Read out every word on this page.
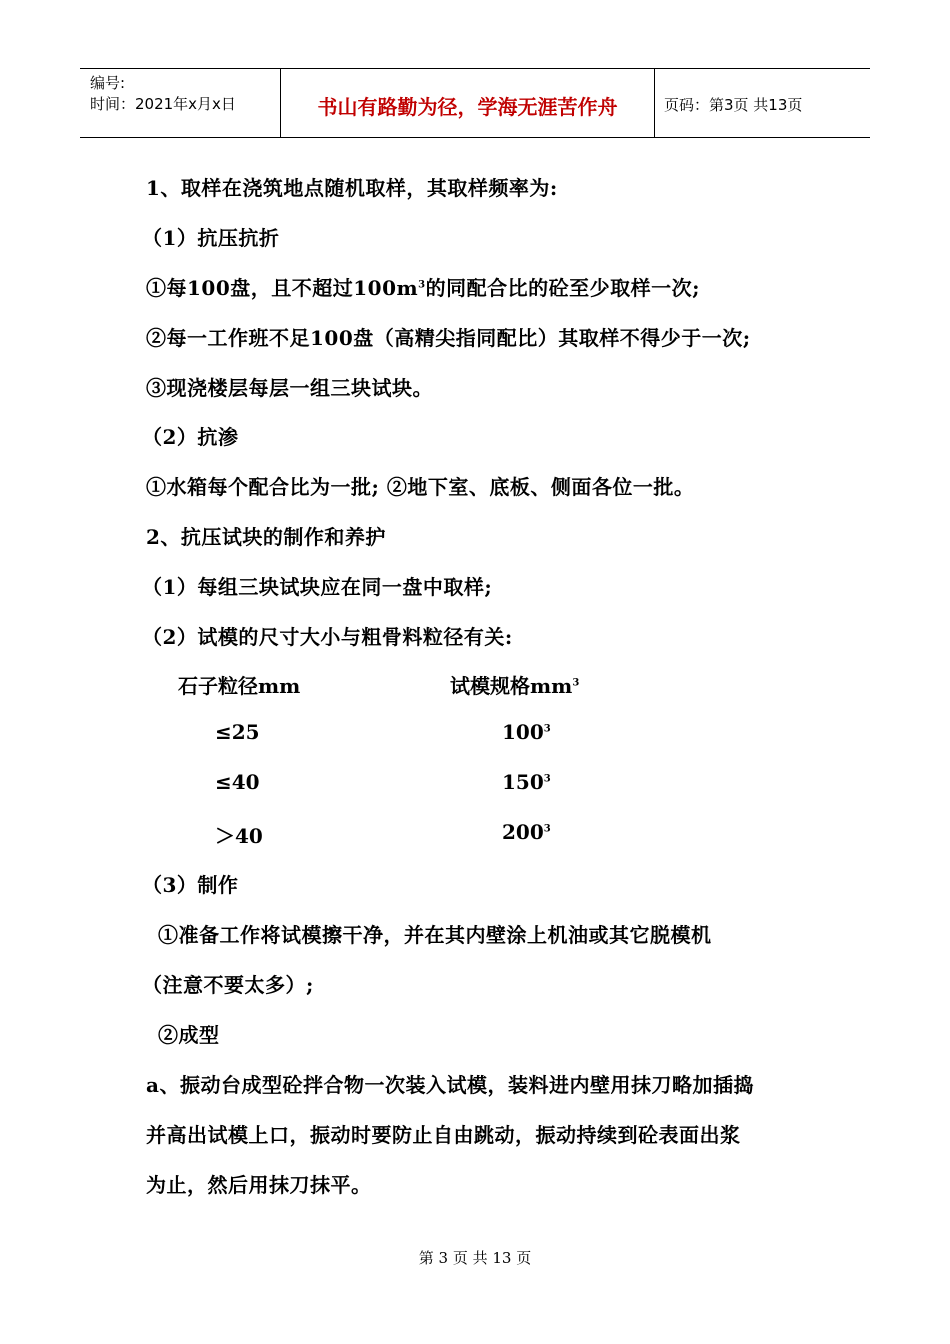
编号:
时间：2021年x月x日	书山有路勤为径，学海无涯苦作舟	页码：第3页 共13页
1、取样在浇筑地点随机取样，其取样频率为:
（1）抗压抗折
①每100盘，且不超过$100m^3$的同配合比的砼至少取样一次;
②每一工作班不足100盘（高精尖指同配比）其取样不得少于一次;
③现浇楼层每层一组三块试块。
（2）抗渗
①水箱每个配合比为一批; ②地下室、底板、侧面各位一批。
2、抗压试块的制作和养护
（1）每组三块试块应在同一盘中取样;
（2）试模的尺寸大小与粗骨料粒径有关:
石子粒径mm	试模规格$mm^3$
≤25	$100^3$
≤40	$150^3$
＞40	$200^3$
（3）制作
①准备工作将试模擦干净，并在其内壁涂上机油或其它脱模机
（注意不要太多）;
②成型
a、振动台成型砼拌合物一次装入试模，装料进内壁用抹刀略加插捣
并高出试模上口，振动时要防止自由跳动，振动持续到砼表面出浆
为止，然后用抹刀抹平。
第 3 页 共 13 页
